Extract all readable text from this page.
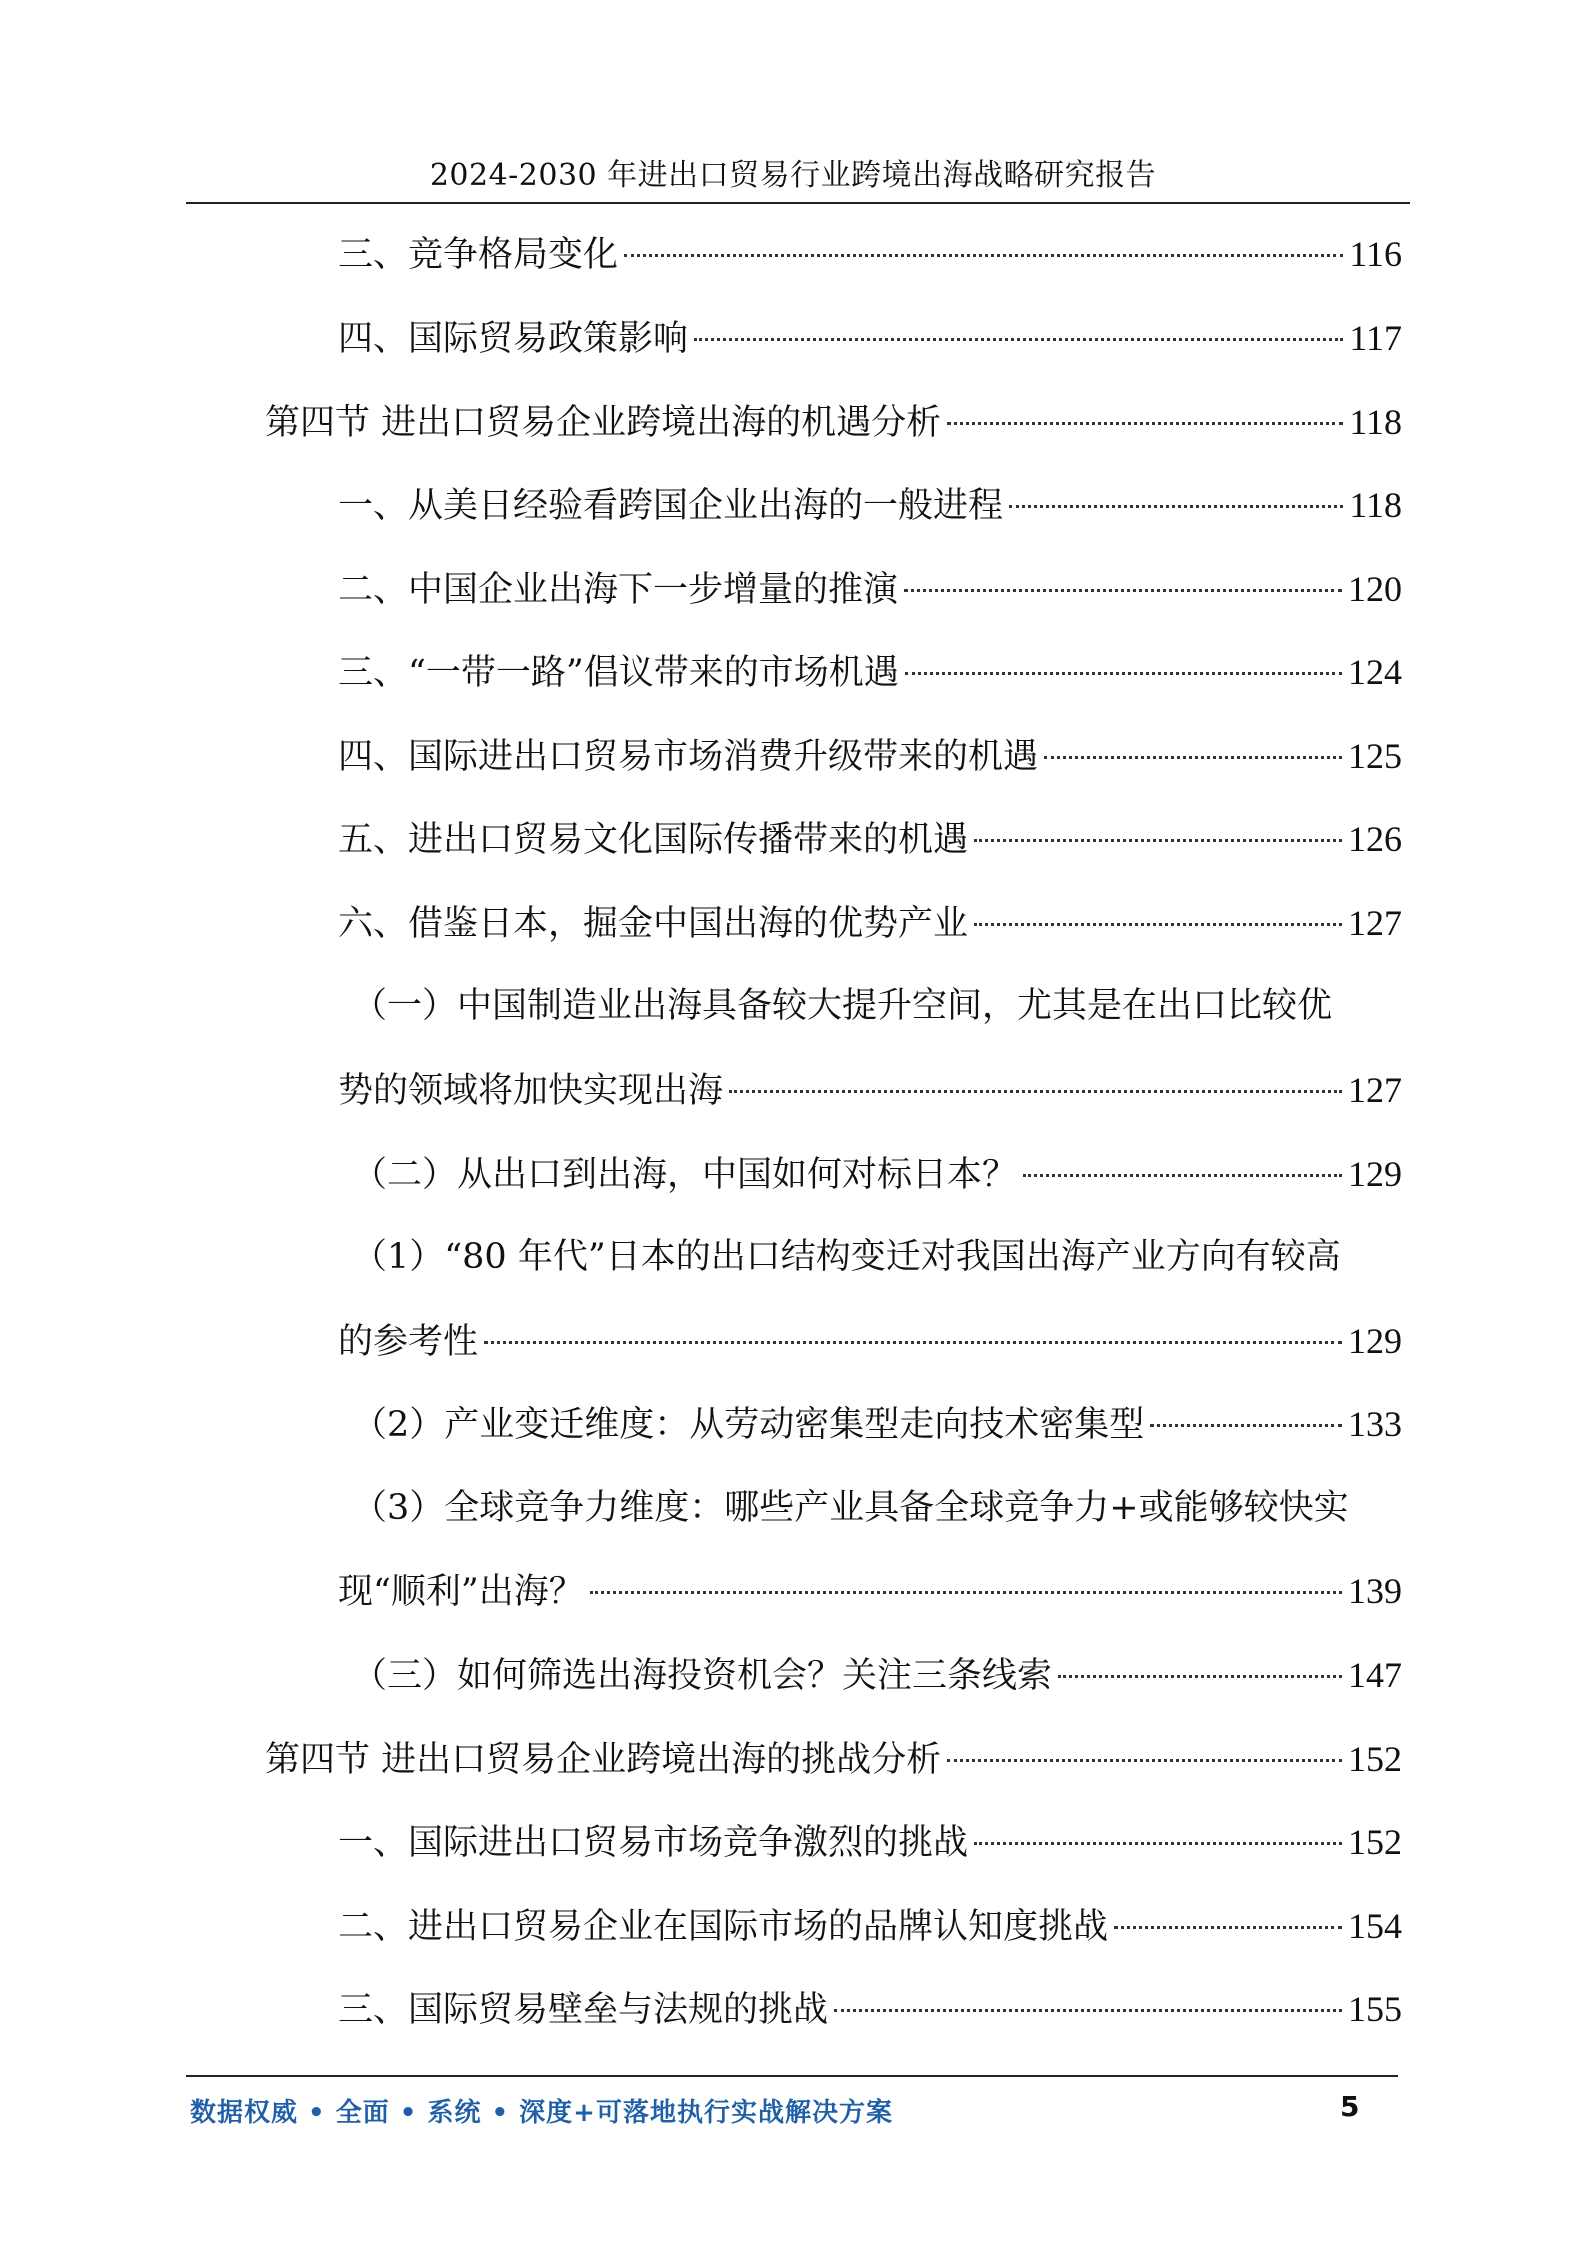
2024-2030 年进出口贸易行业跨境出海战略研究报告
三、竞争格局变化	116
四、国际贸易政策影响	117
第四节 进出口贸易企业跨境出海的机遇分析	118
一、从美日经验看跨国企业出海的一般进程	118
二、中国企业出海下一步增量的推演	120
三、“一带一路”倡议带来的市场机遇	124
四、国际进出口贸易市场消费升级带来的机遇	125
五、进出口贸易文化国际传播带来的机遇	126
六、借鉴日本，掘金中国出海的优势产业	127
（一）中国制造业出海具备较大提升空间，尤其是在出口比较优
势的领域将加快实现出海	127
（二）从出口到出海，中国如何对标日本？	129
（1）“80 年代”日本的出口结构变迁对我国出海产业方向有较高
的参考性	129
（2）产业变迁维度：从劳动密集型走向技术密集型	133
（3）全球竞争力维度：哪些产业具备全球竞争力+或能够较快实
现“顺利”出海？	139
（三）如何筛选出海投资机会？关注三条线索	147
第四节 进出口贸易企业跨境出海的挑战分析	152
一、国际进出口贸易市场竞争激烈的挑战	152
二、进出口贸易企业在国际市场的品牌认知度挑战	154
三、国际贸易壁垒与法规的挑战	155
数据权威 • 全面 • 系统 • 深度+可落地执行实战解决方案	5
